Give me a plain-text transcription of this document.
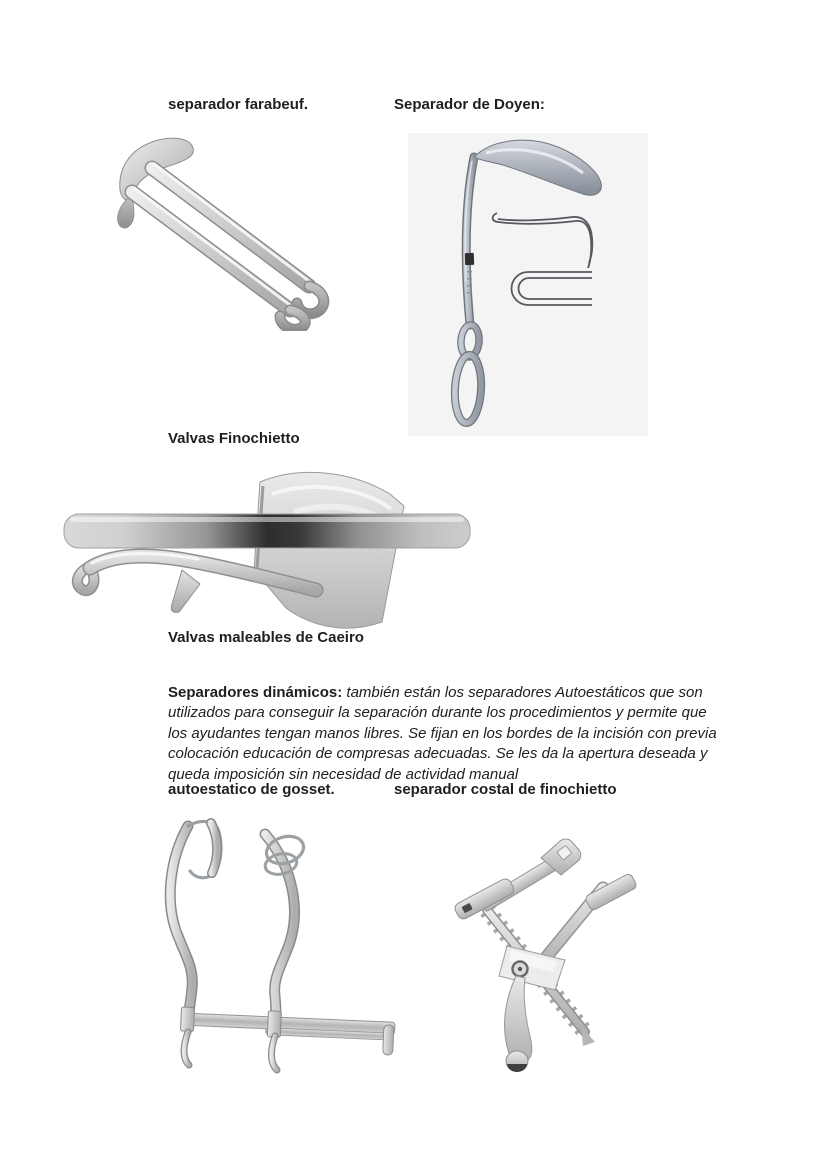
separador farabeuf.	Separador de Doyen:
Valvas Finochietto
Valvas maleables de Caeiro
Separadores dinámicos: también están los separadores Autoestáticos que son utilizados para conseguir la separación durante los procedimientos y permite que los ayudantes tengan manos libres. Se fijan en los bordes de la incisión con previa colocación educación de compresas adecuadas. Se les da la apertura deseada y queda imposición sin necesidad de actividad manual
autoestatico de gosset.	separador costal de finochietto
